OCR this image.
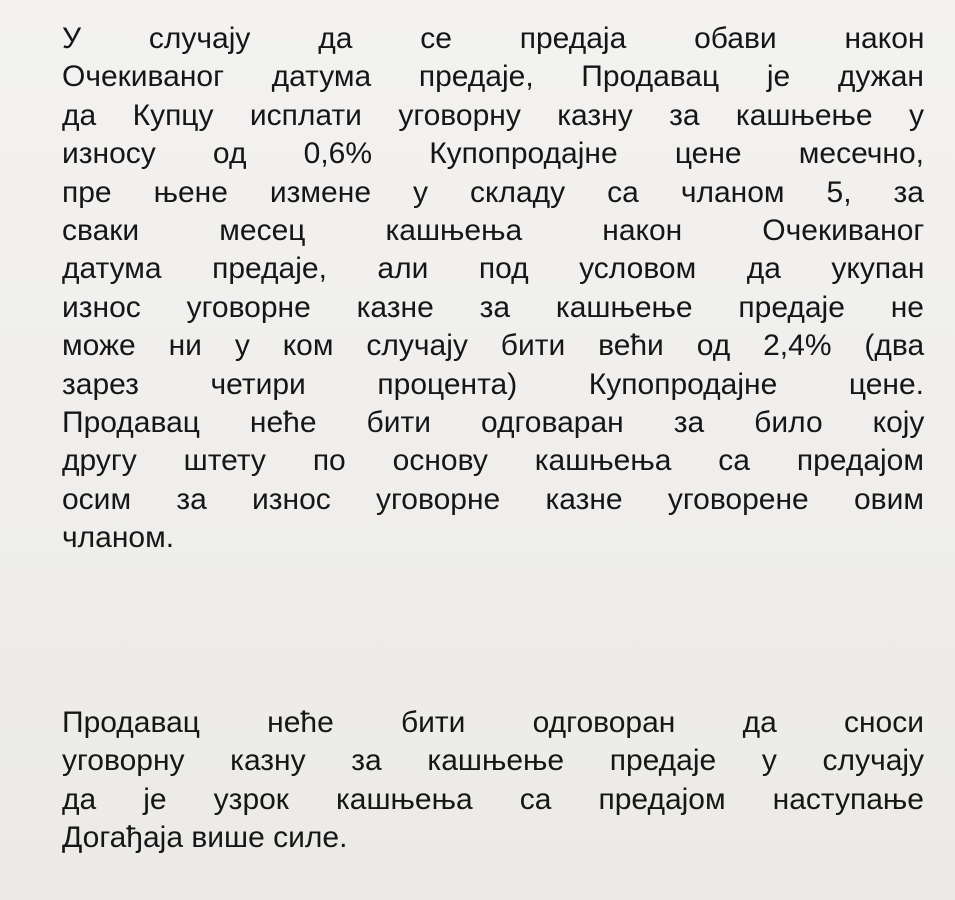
У случају да се предаја обави након
Очекиваног датума предаје, Продавац је дужан
да Купцу исплати уговорну казну за кашњење у
износу од 0,6% Купопродајне цене месечно,
пре њене измене у складу са чланом 5, за
сваки месец кашњења након Очекиваног
датума предаје, али под условом да укупан
износ уговорне казне за кашњење предаје не
може ни у ком случају бити већи од 2,4% (два
зарез четири процента) Купопродајне цене.
Продавац неће бити одговаран за било коју
другу штету по основу кашњења са предајом
осим за износ уговорне казне уговорене овим
чланом.

Продавац неће бити одговоран да сноси
уговорну казну за кашњење предаје у случају
да је узрок кашњења са предајом наступање
Догађаја више силе.
